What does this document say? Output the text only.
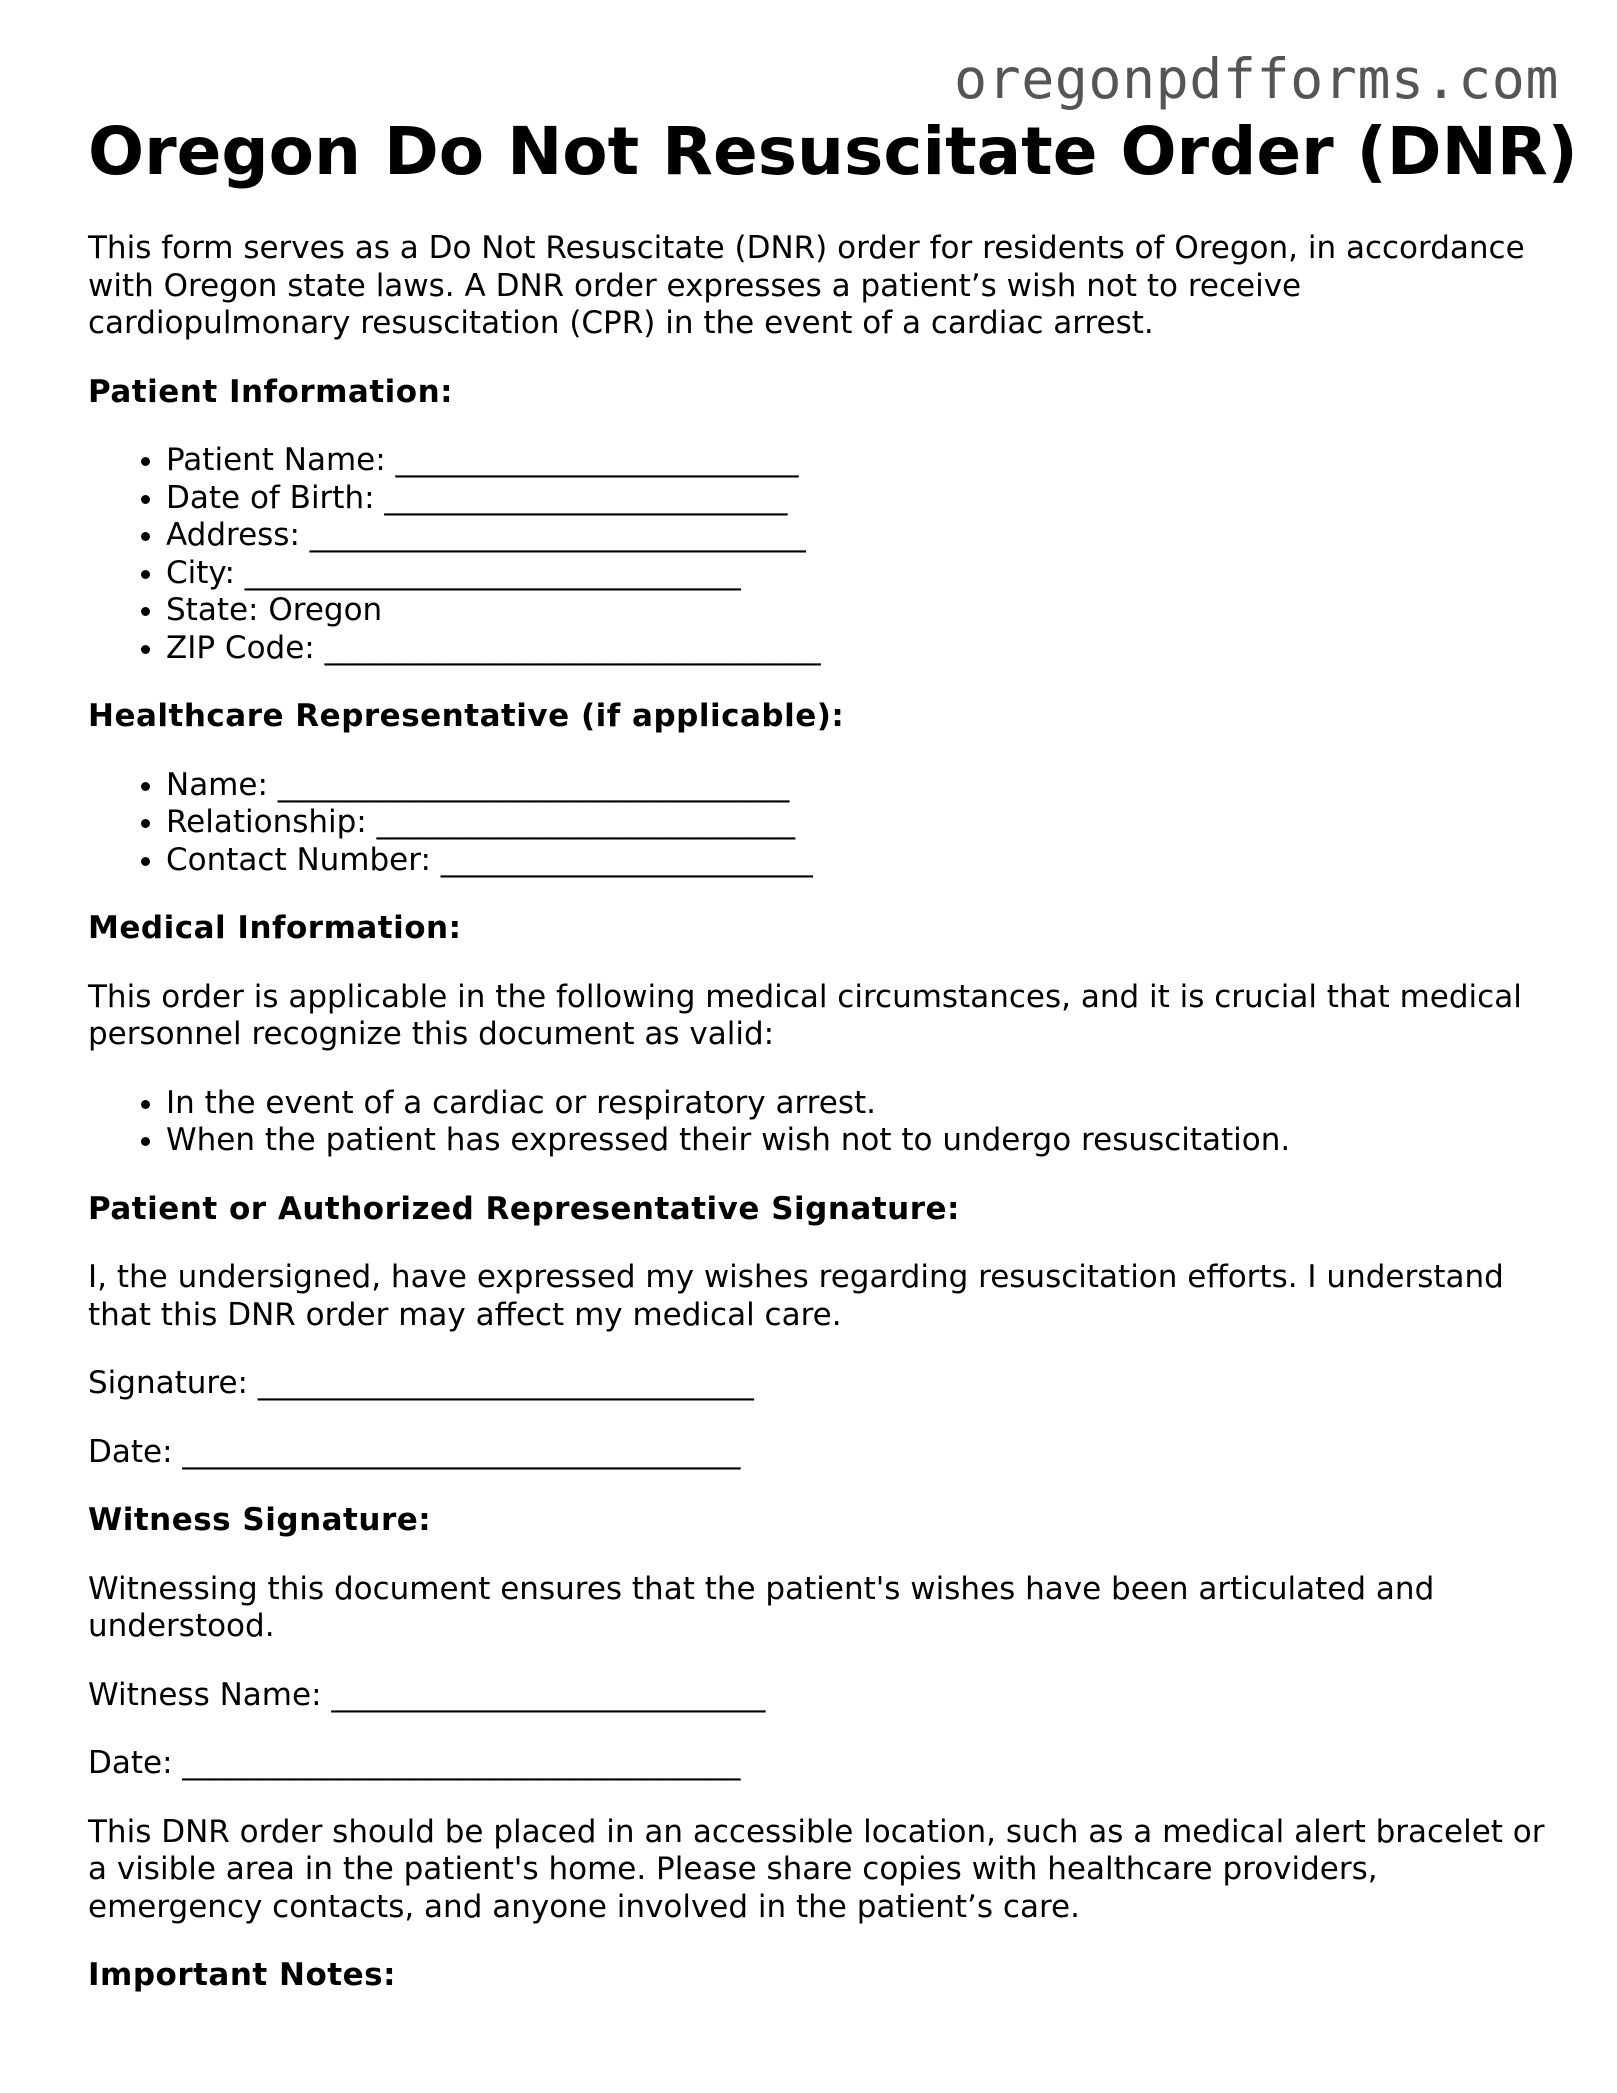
oregonpdfforms.com
Oregon Do Not Resuscitate Order (DNR)

This form serves as a Do Not Resuscitate (DNR) order for residents of Oregon, in accordance with Oregon state laws. A DNR order expresses a patient’s wish not to receive cardiopulmonary resuscitation (CPR) in the event of a cardiac arrest.

Patient Information:
• Patient Name: __________________________
• Date of Birth: __________________________
• Address: ________________________________
• City: ________________________________
• State: Oregon
• ZIP Code: ________________________________
Healthcare Representative (if applicable):
• Name: _________________________________
• Relationship: ___________________________
• Contact Number: ________________________
Medical Information:

This order is applicable in the following medical circumstances, and it is crucial that medical personnel recognize this document as valid:

• In the event of a cardiac or respiratory arrest.
• When the patient has expressed their wish not to undergo resuscitation.
Patient or Authorized Representative Signature:

I, the undersigned, have expressed my wishes regarding resuscitation efforts. I understand that this DNR order may affect my medical care.

Signature: ________________________________
Date: ____________________________________
Witness Signature:

Witnessing this document ensures that the patient's wishes have been articulated and understood.

Witness Name: ____________________________
Date: ____________________________________

This DNR order should be placed in an accessible location, such as a medical alert bracelet or a visible area in the patient's home. Please share copies with healthcare providers, emergency contacts, and anyone involved in the patient’s care.

Important Notes:
